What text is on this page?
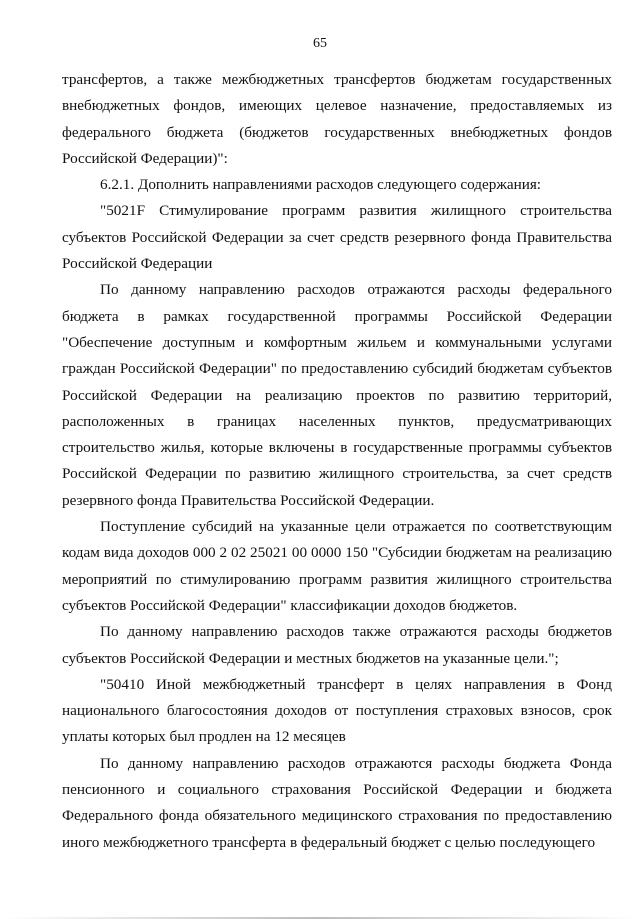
65

трансфертов, а также межбюджетных трансфертов бюджетам государственных внебюджетных фондов, имеющих целевое назначение, предоставляемых из федерального бюджета (бюджетов государственных внебюджетных фондов Российской Федерации)":

6.2.1. Дополнить направлениями расходов следующего содержания:

"5021F Стимулирование программ развития жилищного строительства субъектов Российской Федерации за счет средств резервного фонда Правительства Российской Федерации

По данному направлению расходов отражаются расходы федерального бюджета в рамках государственной программы Российской Федерации "Обеспечение доступным и комфортным жильем и коммунальными услугами граждан Российской Федерации" по предоставлению субсидий бюджетам субъектов Российской Федерации на реализацию проектов по развитию территорий, расположенных в границах населенных пунктов, предусматривающих строительство жилья, которые включены в государственные программы субъектов Российской Федерации по развитию жилищного строительства, за счет средств резервного фонда Правительства Российской Федерации.

Поступление субсидий на указанные цели отражается по соответствующим кодам вида доходов 000 2 02 25021 00 0000 150 "Субсидии бюджетам на реализацию мероприятий по стимулированию программ развития жилищного строительства субъектов Российской Федерации" классификации доходов бюджетов.

По данному направлению расходов также отражаются расходы бюджетов субъектов Российской Федерации и местных бюджетов на указанные цели.";

"50410 Иной межбюджетный трансферт в целях направления в Фонд национального благосостояния доходов от поступления страховых взносов, срок уплаты которых был продлен на 12 месяцев

По данному направлению расходов отражаются расходы бюджета Фонда пенсионного и социального страхования Российской Федерации и бюджета Федерального фонда обязательного медицинского страхования по предоставлению иного межбюджетного трансферта в федеральный бюджет с целью последующего
